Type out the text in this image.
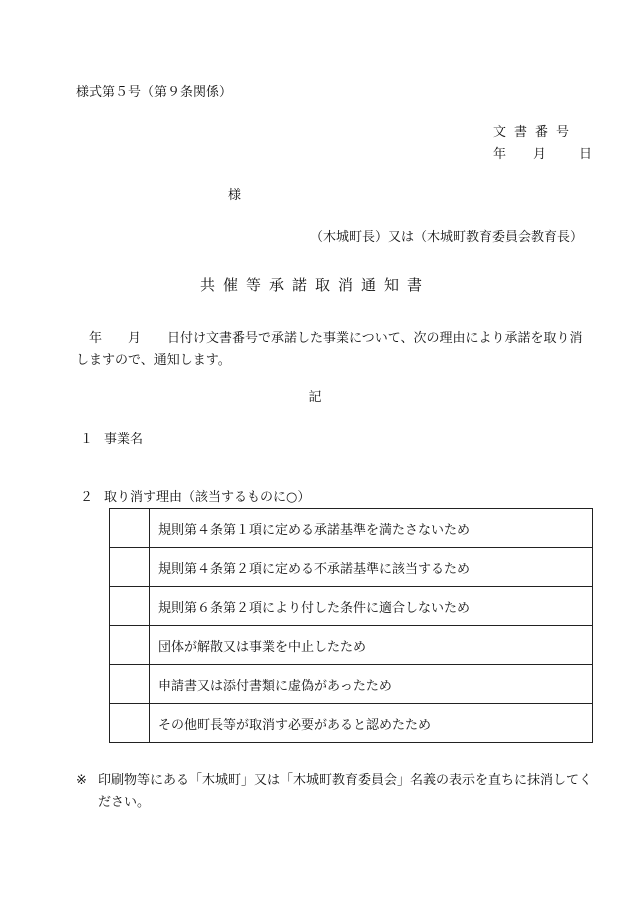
様式第５号（第９条関係）
文書番号
年 月	日
様
（木城町長）又は（木城町教育委員会教育長）
共催等承諾取消通知書
　年　　月　　日付け文書番号で承諾した事業について、次の理由により承諾を取り消しますので、通知します。
記
１ 事業名
２ 取り消す理由（該当するものに○）
	規則第４条第１項に定める承諾基準を満たさないため
	規則第４条第２項に定める不承諾基準に該当するため
	規則第６条第２項により付した条件に適合しないため
	団体が解散又は事業を中止したため
	申請書又は添付書類に虚偽があったため
	その他町長等が取消す必要があると認めたため
※ 印刷物等にある「木城町」又は「木城町教育委員会」名義の表示を直ちに抹消してください。
